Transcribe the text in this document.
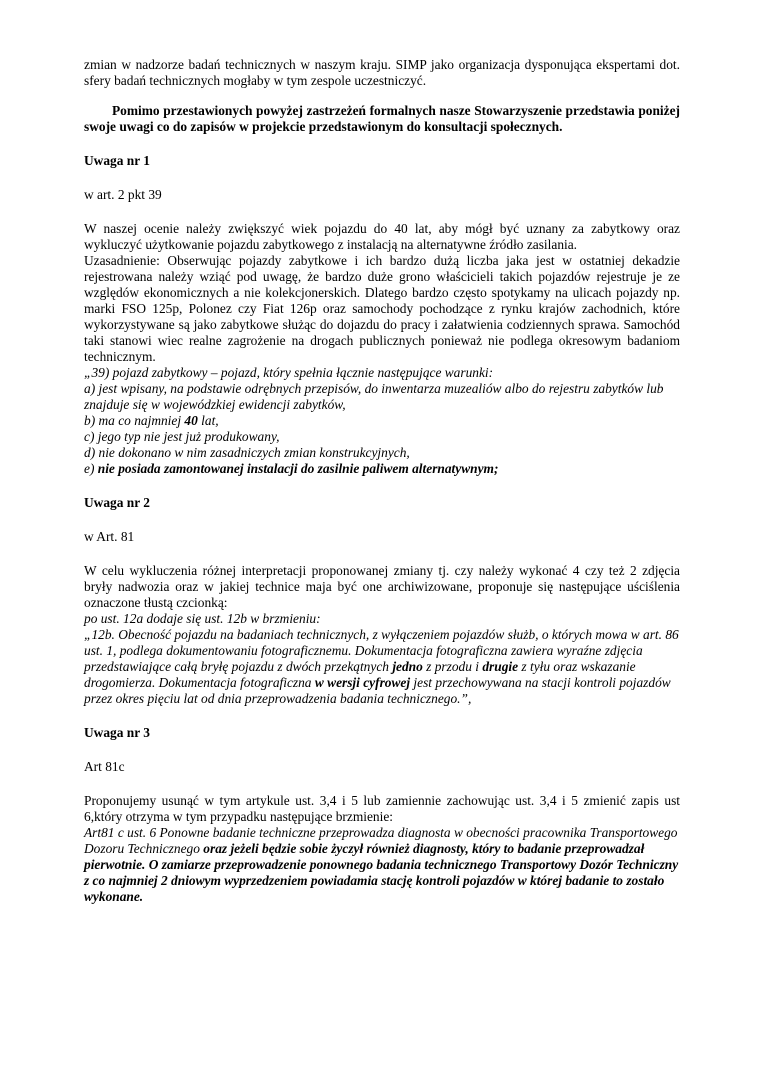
zmian w nadzorze badań technicznych w naszym kraju. SIMP jako organizacja dysponująca ekspertami dot. sfery badań technicznych mogłaby w tym zespole uczestniczyć.

Pomimo przestawionych powyżej zastrzeżeń formalnych nasze Stowarzyszenie przedstawia poniżej swoje uwagi co do zapisów w projekcie przedstawionym do konsultacji społecznych.

Uwaga nr 1

w art. 2 pkt 39

W naszej ocenie należy zwiększyć wiek pojazdu do 40 lat, aby mógł być uznany za zabytkowy oraz wykluczyć użytkowanie pojazdu zabytkowego z instalacją na alternatywne źródło zasilania.

Uzasadnienie: Obserwując pojazdy zabytkowe i ich bardzo dużą liczba jaka jest w ostatniej dekadzie rejestrowana należy wziąć pod uwagę, że bardzo duże grono właścicieli takich pojazdów rejestruje je ze względów ekonomicznych a nie kolekcjonerskich. Dlatego bardzo często spotykamy na ulicach pojazdy np. marki FSO 125p, Polonez czy Fiat 126p oraz samochody pochodzące z rynku krajów zachodnich, które wykorzystywane są jako zabytkowe służąc do dojazdu do pracy i załatwienia codziennych sprawa. Samochód taki stanowi wiec realne zagrożenie na drogach publicznych ponieważ nie podlega okresowym badaniom technicznym.

„39) pojazd zabytkowy – pojazd, który spełnia łącznie następujące warunki:

a) jest wpisany, na podstawie odrębnych przepisów, do inwentarza muzealiów albo do rejestru zabytków lub znajduje się w wojewódzkiej ewidencji zabytków,

b) ma co najmniej 40 lat,

c) jego typ nie jest już produkowany,

d) nie dokonano w nim zasadniczych zmian konstrukcyjnych,

e) nie posiada zamontowanej instalacji do zasilnie paliwem alternatywnym;

Uwaga nr 2

w Art. 81

W celu wykluczenia różnej interpretacji proponowanej zmiany tj. czy należy wykonać 4 czy też 2 zdjęcia bryły nadwozia oraz w jakiej technice maja być one archiwizowane, proponuje się następujące uściślenia oznaczone tłustą czcionką:

po ust. 12a dodaje się ust. 12b w brzmieniu:

„12b. Obecność pojazdu na badaniach technicznych, z wyłączeniem pojazdów służb, o których mowa w art. 86 ust. 1, podlega dokumentowaniu fotograficznemu. Dokumentacja fotograficzna zawiera wyraźne zdjęcia przedstawiające całą bryłę pojazdu z dwóch przekątnych jedno z przodu i drugie z tyłu oraz wskazanie drogomierza. Dokumentacja fotograficzna w wersji cyfrowej jest przechowywana na stacji kontroli pojazdów przez okres pięciu lat od dnia przeprowadzenia badania technicznego.”,

Uwaga nr 3

Art 81c

Proponujemy usunąć w tym artykule ust. 3,4 i 5 lub zamiennie zachowując ust. 3,4 i 5 zmienić zapis ust 6,który otrzyma w tym przypadku następujące brzmienie:

Art81 c ust. 6 Ponowne badanie techniczne przeprowadza diagnosta w obecności pracownika Transportowego Dozoru Technicznego oraz jeżeli będzie sobie życzył również diagnosty, który to badanie przeprowadzał pierwotnie. O zamiarze przeprowadzenie ponownego badania technicznego Transportowy Dozór Techniczny z co najmniej 2 dniowym wyprzedzeniem powiadamia stację kontroli pojazdów w której badanie to zostało wykonane.
